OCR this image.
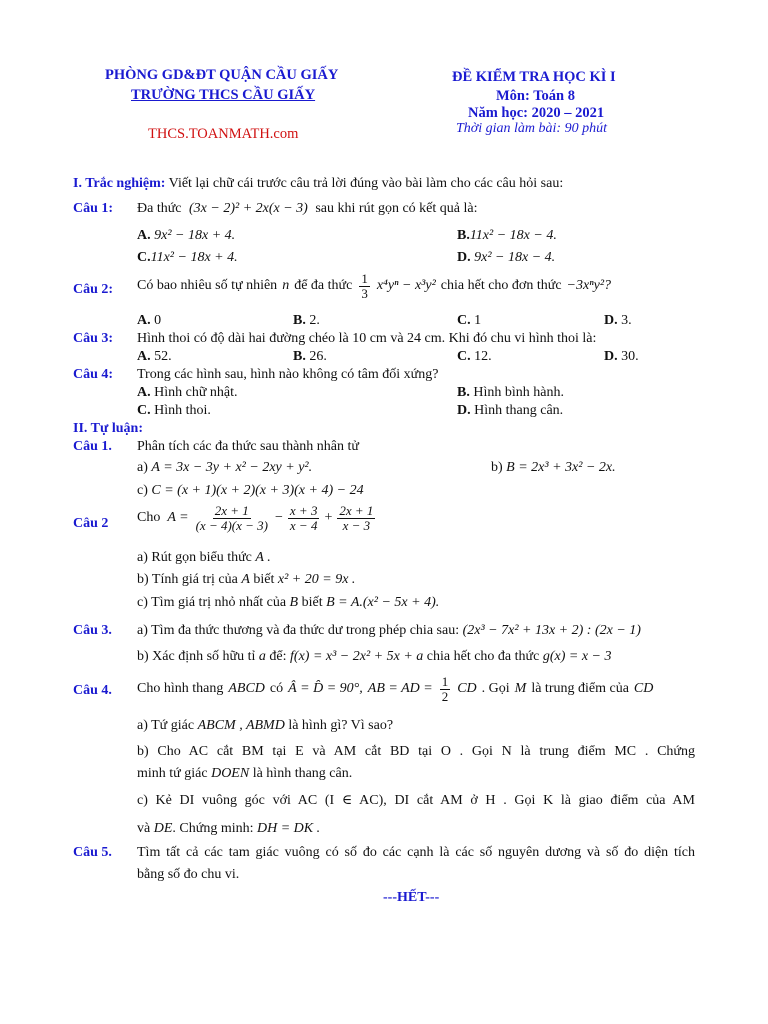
PHÒNG GD&ĐT QUẬN CẦU GIẤY
TRƯỜNG THCS CẦU GIẤY
THCS.TOANMATH.com
ĐỀ KIỂM TRA HỌC KÌ I
Môn: Toán 8
Năm học: 2020 – 2021
Thời gian làm bài: 90 phút
I. Trắc nghiệm: Viết lại chữ cái trước câu trả lời đúng vào bài làm cho các câu hỏi sau:
Câu 1: Đa thức (3x − 2)² + 2x(x − 3) sau khi rút gọn có kết quả là:
A. 9x² − 18x + 4.	B.11x² − 18x − 4.
C.11x² − 18x + 4.	D. 9x² − 18x − 4.
Câu 2: Có bao nhiêu số tự nhiên n để đa thức $\frac{1}{3} x^4y^n - x^3y^2$ chia hết cho đơn thức −3xⁿy²?
A. 0	B. 2.	C. 1	D. 3.
Câu 3: Hình thoi có độ dài hai đường chéo là 10 cm và 24 cm. Khi đó chu vi hình thoi là:
A. 52.	B. 26.	C. 12.	D. 30.
Câu 4: Trong các hình sau, hình nào không có tâm đối xứng?
A. Hình chữ nhật.	B. Hình bình hành.
C. Hình thoi.	D. Hình thang cân.
II. Tự luận:
Câu 1. Phân tích các đa thức sau thành nhân tử
a) A = 3x − 3y + x² − 2xy + y².	b) B = 2x³ + 3x² − 2x.
c) C = (x + 1)(x + 2)(x + 3)(x + 4) − 24
Câu 2 Cho $A = \frac{2x + 1}{(x - 4)(x - 3)} - \frac{x + 3}{x - 4} + \frac{2x + 1}{x - 3}$
a) Rút gọn biểu thức A .
b) Tính giá trị của A biết x² + 20 = 9x .
c) Tìm giá trị nhỏ nhất của B biết B = A.(x² − 5x + 4).
Câu 3. a) Tìm đa thức thương và đa thức dư trong phép chia sau: (2x³ − 7x² + 13x + 2) : (2x − 1)
b) Xác định số hữu tỉ a để: f(x) = x³ − 2x² + 5x + a chia hết cho đa thức g(x) = x − 3
Câu 4. Cho hình thang ABCD có Â = D̂ = 90°, AB = AD = $\frac{1}{2}$ CD . Gọi M là trung điểm của CD
a) Tứ giác ABCM , ABMD là hình gì? Vì sao?
b) Cho AC cắt BM tại E và AM cắt BD tại O . Gọi N là trung điểm MC . Chứng
minh tứ giác DOEN là hình thang cân.
c) Kẻ DI vuông góc với AC (I ∈ AC), DI cắt AM ở H . Gọi K là giao điểm của AM
và DE. Chứng minh: DH = DK .
Câu 5. Tìm tất cả các tam giác vuông có số đo các cạnh là các số nguyên dương và số đo diện tích
bằng số đo chu vi.
---HẾT---
